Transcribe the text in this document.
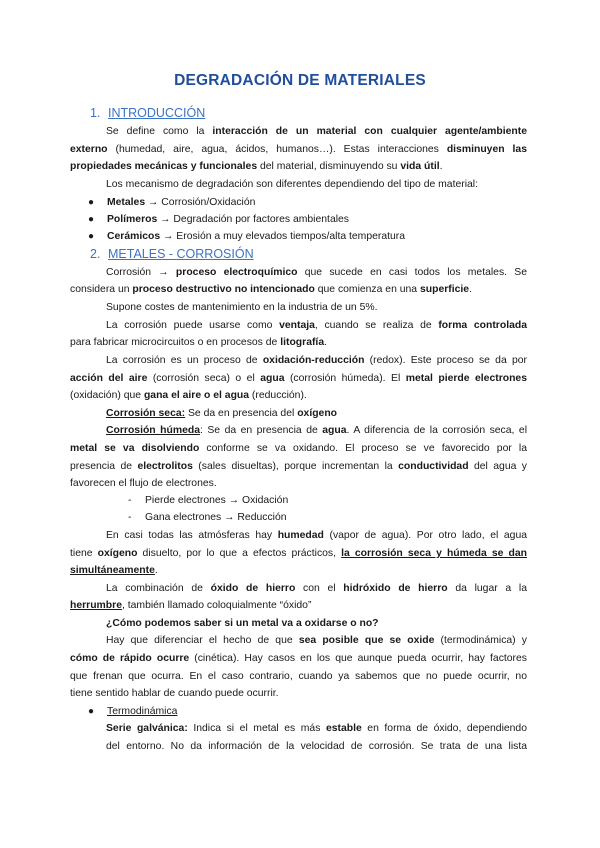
DEGRADACIÓN DE MATERIALES
1. INTRODUCCIÓN
Se define como la interacción de un material con cualquier agente/ambiente
externo (humedad, aire, agua, ácidos, humanos…). Estas interacciones disminuyen las
propiedades mecánicas y funcionales del material, disminuyendo su vida útil.
Los mecanismo de degradación son diferentes dependiendo del tipo de material:
● Metales → Corrosión/Oxidación
● Polímeros → Degradación por factores ambientales
● Cerámicos → Erosión a muy elevados tiempos/alta temperatura
2. METALES - CORROSIÓN
Corrosión → proceso electroquímico que sucede en casi todos los metales. Se
considera un proceso destructivo no intencionado que comienza en una superficie.
Supone costes de mantenimiento en la industria de un 5%.
La corrosión puede usarse como ventaja, cuando se realiza de forma controlada
para fabricar microcircuitos o en procesos de litografía.
La corrosión es un proceso de oxidación-reducción (redox). Este proceso se da por
acción del aire (corrosión seca) o el agua (corrosión húmeda). El metal pierde electrones
(oxidación) que gana el aire o el agua (reducción).
Corrosión seca: Se da en presencia del oxígeno
Corrosión húmeda: Se da en presencia de agua. A diferencia de la corrosión seca, el
metal se va disolviendo conforme se va oxidando. El proceso se ve favorecido por la
presencia de electrolitos (sales disueltas), porque incrementan la conductividad del agua y
favorecen el flujo de electrones.
- Pierde electrones → Oxidación
- Gana electrones → Reducción
En casi todas las atmósferas hay humedad (vapor de agua). Por otro lado, el agua
tiene oxígeno disuelto, por lo que a efectos prácticos, la corrosión seca y húmeda se dan
simultáneamente.
La combinación de óxido de hierro con el hidróxido de hierro da lugar a la
herrumbre, también llamado coloquialmente “óxido”
¿Cómo podemos saber si un metal va a oxidarse o no?
Hay que diferenciar el hecho de que sea posible que se oxide (termodinámica) y
cómo de rápido ocurre (cinética). Hay casos en los que aunque pueda ocurrir, hay factores
que frenan que ocurra. En el caso contrario, cuando ya sabemos que no puede ocurrir, no
tiene sentido hablar de cuando puede ocurrir.
● Termodinámica
Serie galvánica: Indica si el metal es más estable en forma de óxido, dependiendo
del entorno. No da información de la velocidad de corrosión. Se trata de una lista
